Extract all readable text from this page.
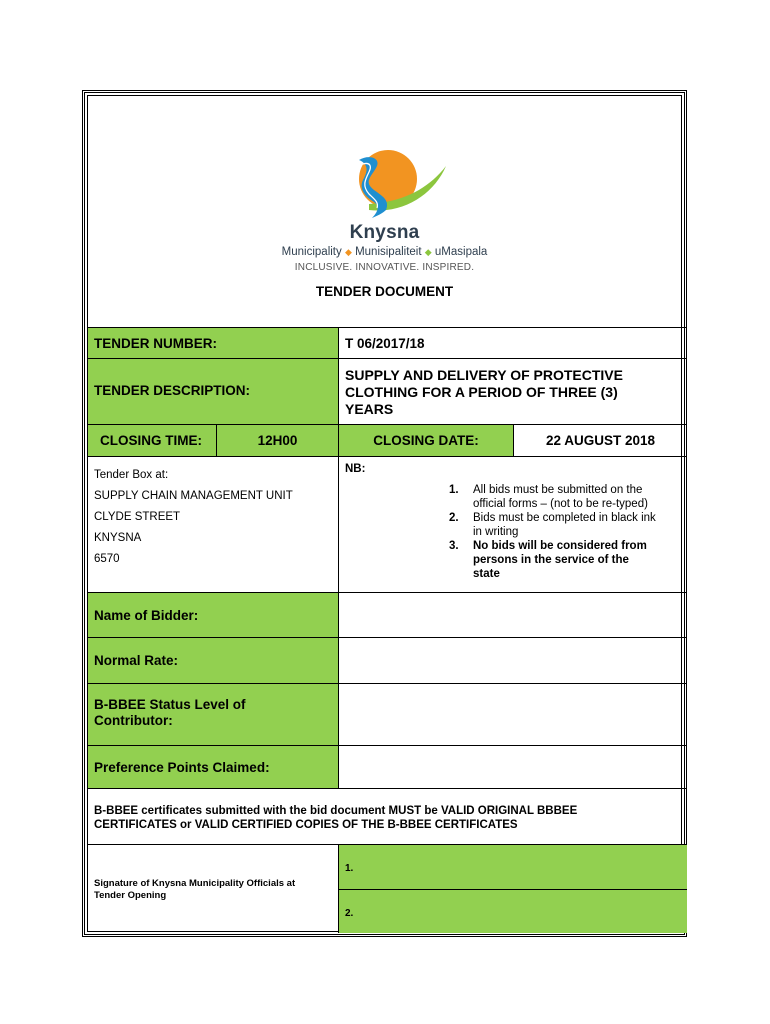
Knysna
Municipality ◆ Munisipaliteit ◆ uMasipala
INCLUSIVE. INNOVATIVE. INSPIRED.
TENDER DOCUMENT
TENDER NUMBER:	T 06/2017/18
TENDER DESCRIPTION:
SUPPLY AND DELIVERY OF PROTECTIVE
CLOTHING FOR A PERIOD OF THREE (3)
YEARS
CLOSING TIME:	12H00	CLOSING DATE:	22 AUGUST 2018
Tender Box at:
SUPPLY CHAIN MANAGEMENT UNIT
CLYDE STREET
KNYSNA
6570
NB:
1. All bids must be submitted on the
official forms – (not to be re-typed)
2. Bids must be completed in black ink
in writing
3. No bids will be considered from
persons in the service of the
state
Name of Bidder:
Normal Rate:
B-BBEE Status Level of
Contributor:
Preference Points Claimed:
B-BBEE certificates submitted with the bid document MUST be VALID ORIGINAL BBBEE
CERTIFICATES or VALID CERTIFIED COPIES OF THE B-BBEE CERTIFICATES
Signature of Knysna Municipality Officials at
Tender Opening
1.
2.
